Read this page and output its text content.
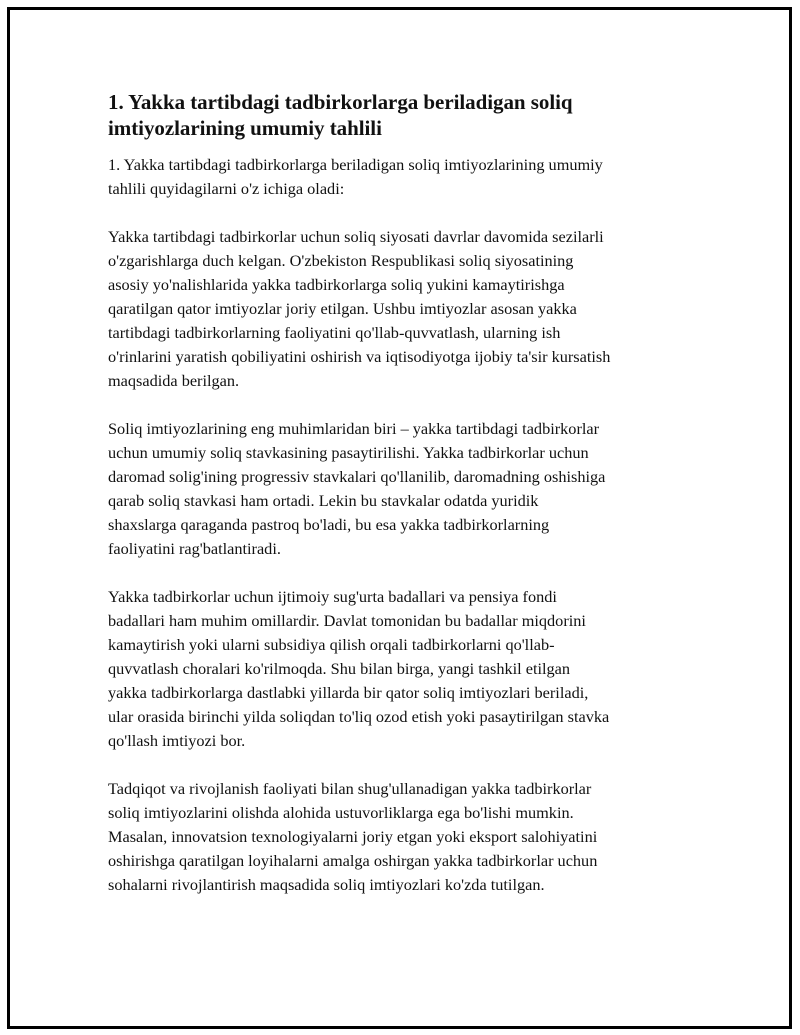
1. Yakka tartibdagi tadbirkorlarga beriladigan soliq
imtiyozlarining umumiy tahlili

1. Yakka tartibdagi tadbirkorlarga beriladigan soliq imtiyozlarining umumiy
tahlili quyidagilarni o'z ichiga oladi:

Yakka tartibdagi tadbirkorlar uchun soliq siyosati davrlar davomida sezilarli
o'zgarishlarga duch kelgan. O'zbekiston Respublikasi soliq siyosatining
asosiy yo'nalishlarida yakka tadbirkorlarga soliq yukini kamaytirishga
qaratilgan qator imtiyozlar joriy etilgan. Ushbu imtiyozlar asosan yakka
tartibdagi tadbirkorlarning faoliyatini qo'llab-quvvatlash, ularning ish
o'rinlarini yaratish qobiliyatini oshirish va iqtisodiyotga ijobiy ta'sir kursatish
maqsadida berilgan.

Soliq imtiyozlarining eng muhimlaridan biri – yakka tartibdagi tadbirkorlar
uchun umumiy soliq stavkasining pasaytirilishi. Yakka tadbirkorlar uchun
daromad solig'ining progressiv stavkalari qo'llanilib, daromadning oshishiga
qarab soliq stavkasi ham ortadi. Lekin bu stavkalar odatda yuridik
shaxslarga qaraganda pastroq bo'ladi, bu esa yakka tadbirkorlarning
faoliyatini rag'batlantiradi.

Yakka tadbirkorlar uchun ijtimoiy sug'urta badallari va pensiya fondi
badallari ham muhim omillardir. Davlat tomonidan bu badallar miqdorini
kamaytirish yoki ularni subsidiya qilish orqali tadbirkorlarni qo'llab-
quvvatlash choralari ko'rilmoqda. Shu bilan birga, yangi tashkil etilgan
yakka tadbirkorlarga dastlabki yillarda bir qator soliq imtiyozlari beriladi,
ular orasida birinchi yilda soliqdan to'liq ozod etish yoki pasaytirilgan stavka
qo'llash imtiyozi bor.

Tadqiqot va rivojlanish faoliyati bilan shug'ullanadigan yakka tadbirkorlar
soliq imtiyozlarini olishda alohida ustuvorliklarga ega bo'lishi mumkin.
Masalan, innovatsion texnologiyalarni joriy etgan yoki eksport salohiyatini
oshirishga qaratilgan loyihalarni amalga oshirgan yakka tadbirkorlar uchun
sohalarni rivojlantirish maqsadida soliq imtiyozlari ko'zda tutilgan.
